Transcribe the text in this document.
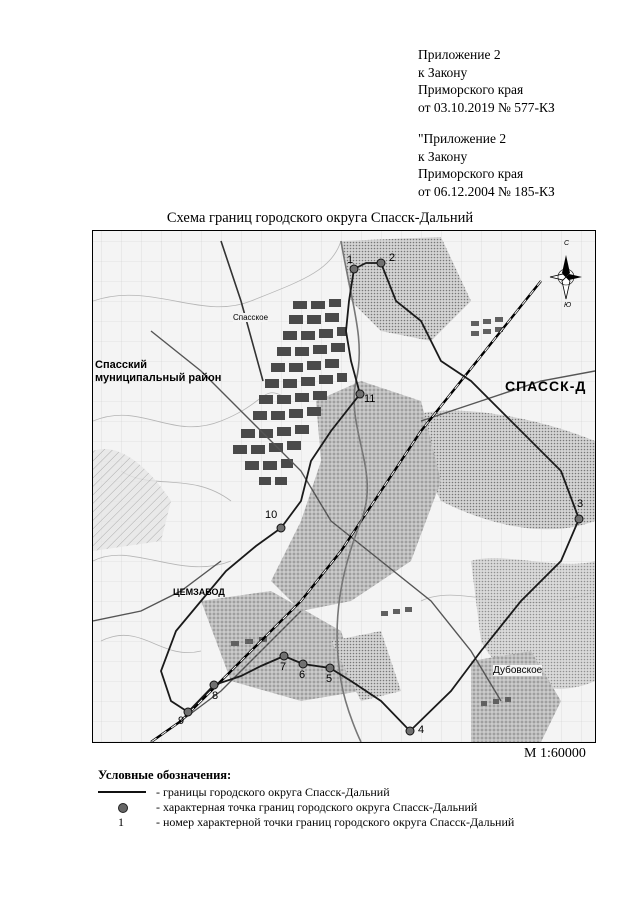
Приложение 2
к Закону
Приморского края
от 03.10.2019 № 577-КЗ
"Приложение 2
к Закону
Приморского края
от 06.12.2004 № 185-КЗ
Схема границ городского округа Спасск-Дальний
1	2
3
4
5
6
7
8
9
10
11
Спасский
муниципальный район
Спасское
СПАССК-Д
Дубовское
ЦЕМЗАВОД
С
Ю
М 1:60000
Условные обозначения:
- границы городского округа Спасск-Дальний
- характерная точка границ городского округа Спасск-Дальний
1	- номер характерной точки границ городского округа Спасск-Дальний
